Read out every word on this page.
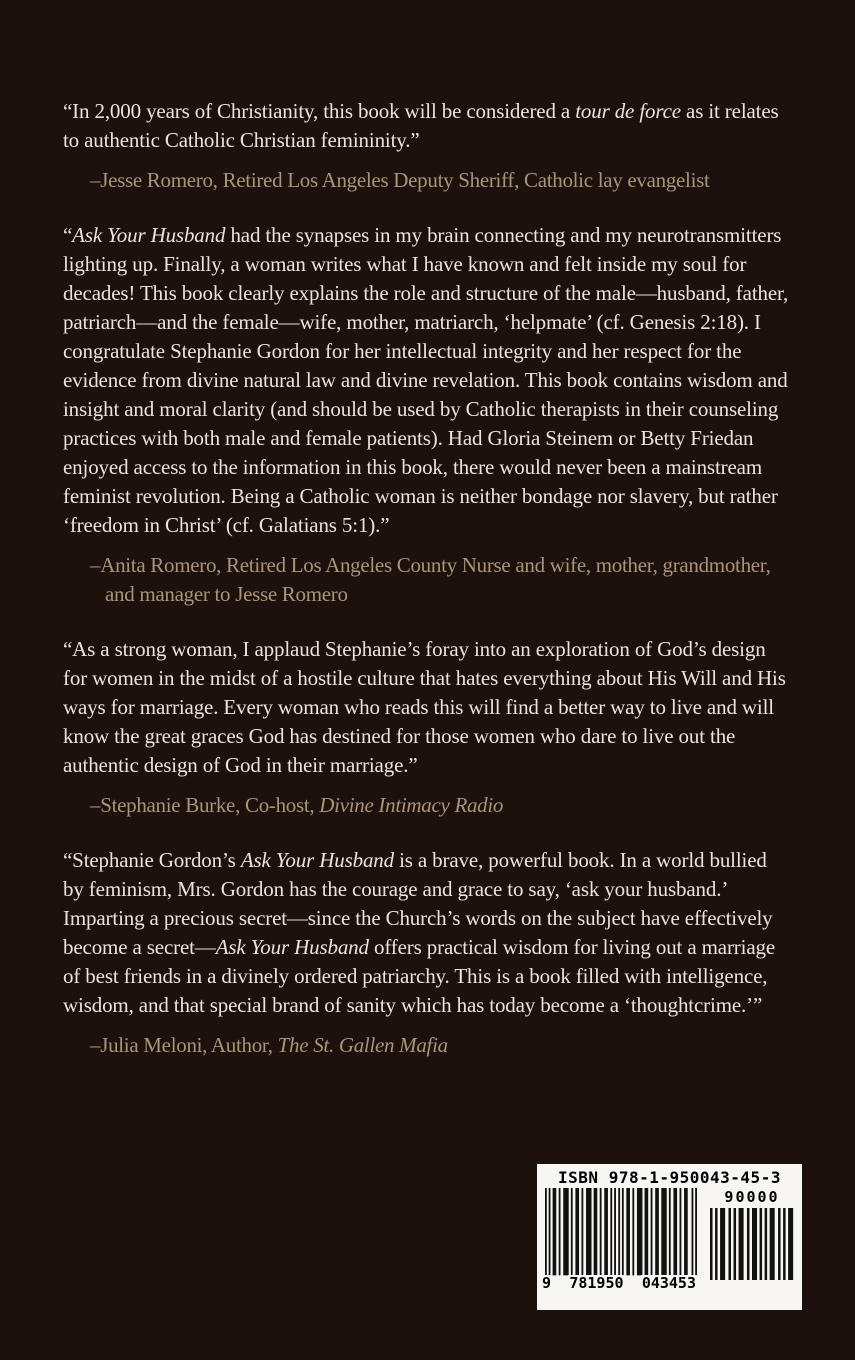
“In 2,000 years of Christianity, this book will be considered a tour de force as it relates to authentic Catholic Christian femininity.”

–Jesse Romero, Retired Los Angeles Deputy Sheriff, Catholic lay evangelist

“Ask Your Husband had the synapses in my brain connecting and my neurotransmitters lighting up. Finally, a woman writes what I have known and felt inside my soul for decades! This book clearly explains the role and structure of the male—husband, father, patriarch—and the female—wife, mother, matriarch, ‘helpmate’ (cf. Genesis 2:18). I congratulate Stephanie Gordon for her intellectual integrity and her respect for the evidence from divine natural law and divine revelation. This book contains wisdom and insight and moral clarity (and should be used by Catholic therapists in their counseling practices with both male and female patients). Had Gloria Steinem or Betty Friedan enjoyed access to the information in this book, there would never been a mainstream feminist revolution. Being a Catholic woman is neither bondage nor slavery, but rather ‘freedom in Christ’ (cf. Galatians 5:1).”

–Anita Romero, Retired Los Angeles County Nurse and wife, mother, grandmother, and manager to Jesse Romero

“As a strong woman, I applaud Stephanie’s foray into an exploration of God’s design for women in the midst of a hostile culture that hates everything about His Will and His ways for marriage. Every woman who reads this will find a better way to live and will know the great graces God has destined for those women who dare to live out the authentic design of God in their marriage.”

–Stephanie Burke, Co-host, Divine Intimacy Radio

“Stephanie Gordon’s Ask Your Husband is a brave, powerful book. In a world bullied by feminism, Mrs. Gordon has the courage and grace to say, ‘ask your husband.’ Imparting a precious secret—since the Church’s words on the subject have effectively become a secret—Ask Your Husband offers practical wisdom for living out a marriage of best friends in a divinely ordered patriarchy. This is a book filled with intelligence, wisdom, and that special brand of sanity which has today become a ‘thoughtcrime.’”

–Julia Meloni, Author, The St. Gallen Mafia

ISBN 978-1-950043-45-3
9 781950 043453
90000
